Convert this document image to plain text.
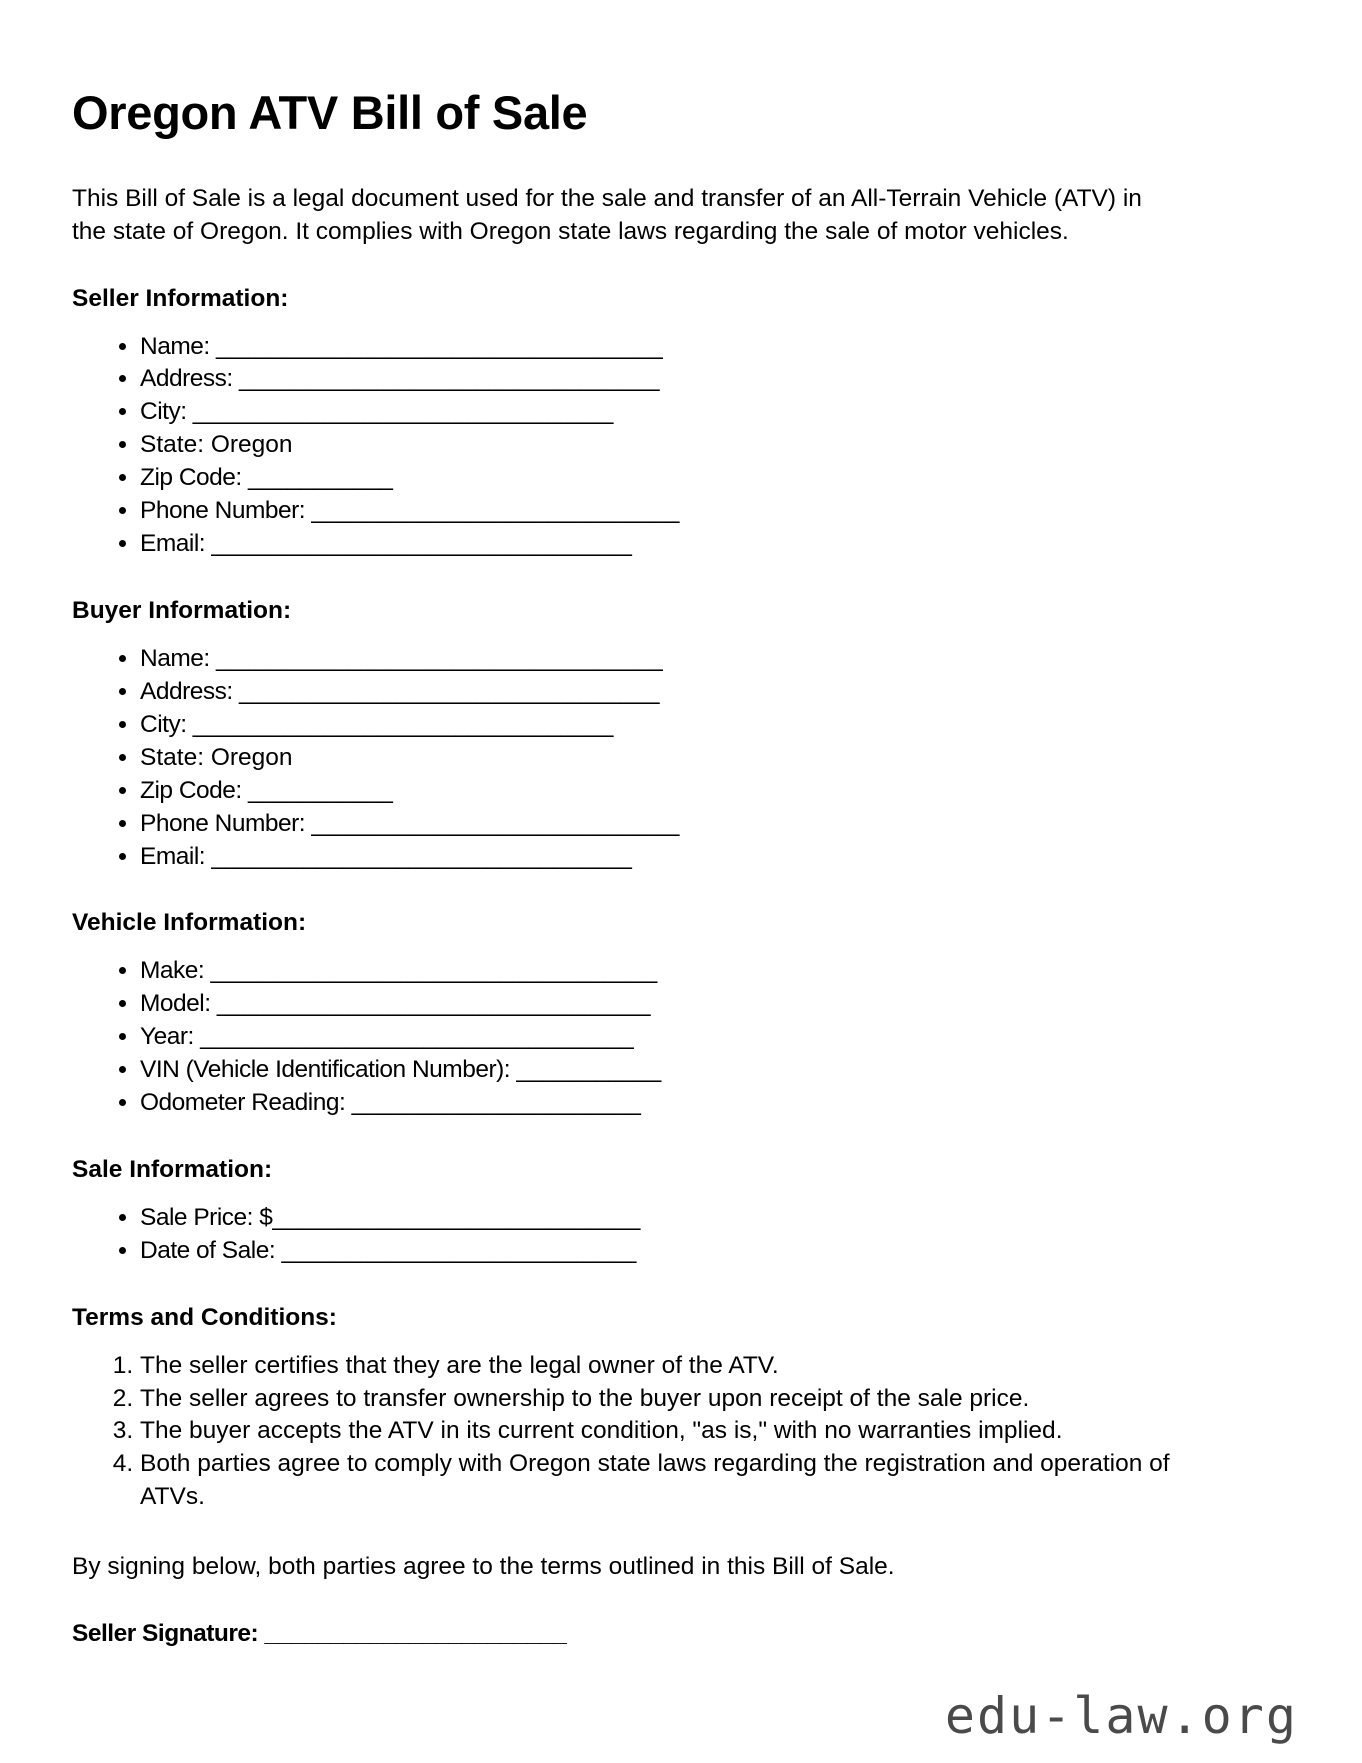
Oregon ATV Bill of Sale

This Bill of Sale is a legal document used for the sale and transfer of an All-Terrain Vehicle (ATV) in the state of Oregon. It complies with Oregon state laws regarding the sale of motor vehicles.

Seller Information:
• Name: __________________________________
• Address: ________________________________
• City: ________________________________
• State: Oregon
• Zip Code: ___________
• Phone Number: ____________________________
• Email: ________________________________
Buyer Information:
• Name: __________________________________
• Address: ________________________________
• City: ________________________________
• State: Oregon
• Zip Code: ___________
• Phone Number: ____________________________
• Email: ________________________________
Vehicle Information:
• Make: __________________________________
• Model: _________________________________
• Year: _________________________________
• VIN (Vehicle Identification Number): ___________
• Odometer Reading: ______________________
Sale Information:
• Sale Price: $____________________________
• Date of Sale: ___________________________
Terms and Conditions:
1. The seller certifies that they are the legal owner of the ATV.
2. The seller agrees to transfer ownership to the buyer upon receipt of the sale price.
3. The buyer accepts the ATV in its current condition, "as is," with no warranties implied.
4. Both parties agree to comply with Oregon state laws regarding the registration and operation of ATVs.

By signing below, both parties agree to the terms outlined in this Bill of Sale.

Seller Signature: _______________________

edu-law.org
